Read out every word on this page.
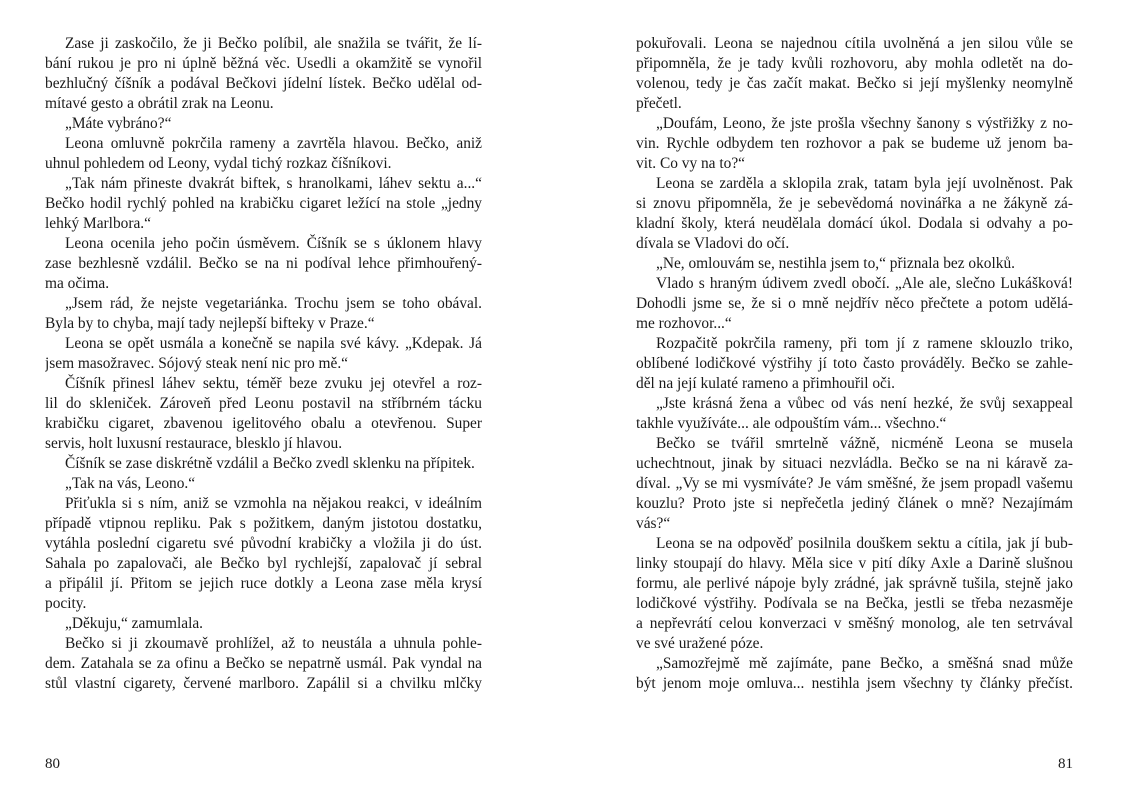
Zase ji zaskočilo, že ji Bečko políbil, ale snažila se tvářit, že lí-
bání rukou je pro ni úplně běžná věc. Usedli a okamžitě se vynořil
bezhlučný číšník a podával Bečkovi jídelní lístek. Bečko udělal od-
mítavé gesto a obrátil zrak na Leonu.
„Máte vybráno?“
Leona omluvně pokrčila rameny a zavrtěla hlavou. Bečko, aniž
uhnul pohledem od Leony, vydal tichý rozkaz číšníkovi.
„Tak nám přineste dvakrát biftek, s hranolkami, láhev sektu a...“
Bečko hodil rychlý pohled na krabičku cigaret ležící na stole „jedny
lehký Marlbora.“
Leona ocenila jeho počin úsměvem. Číšník se s úklonem hlavy
zase bezhlesně vzdálil. Bečko se na ni podíval lehce přimhouřený-
ma očima.
„Jsem rád, že nejste vegetariánka. Trochu jsem se toho obával.
Byla by to chyba, mají tady nejlepší bifteky v Praze.“
Leona se opět usmála a konečně se napila své kávy. „Kdepak. Já
jsem masožravec. Sójový steak není nic pro mě.“
Číšník přinesl láhev sektu, téměř beze zvuku jej otevřel a roz-
lil do skleniček. Zároveň před Leonu postavil na stříbrném tácku
krabičku cigaret, zbavenou igelitového obalu a otevřenou. Super
servis, holt luxusní restaurace, blesklo jí hlavou.
Číšník se zase diskrétně vzdálil a Bečko zvedl sklenku na přípitek.
„Tak na vás, Leono.“
Přiťukla si s ním, aniž se vzmohla na nějakou reakci, v ideálním
případě vtipnou repliku. Pak s požitkem, daným jistotou dostatku,
vytáhla poslední cigaretu své původní krabičky a vložila ji do úst.
Sahala po zapalovači, ale Bečko byl rychlejší, zapalovač jí sebral
a připálil jí. Přitom se jejich ruce dotkly a Leona zase měla krysí
pocity.
„Děkuju,“ zamumlala.
Bečko si ji zkoumavě prohlížel, až to neustála a uhnula pohle-
dem. Zatahala se za ofinu a Bečko se nepatrně usmál. Pak vyndal na
stůl vlastní cigarety, červené marlboro. Zapálil si a chvilku mlčky
pokuřovali. Leona se najednou cítila uvolněná a jen silou vůle se
připomněla, že je tady kvůli rozhovoru, aby mohla odletět na do-
volenou, tedy je čas začít makat. Bečko si její myšlenky neomylně
přečetl.
„Doufám, Leono, že jste prošla všechny šanony s výstřižky z no-
vin. Rychle odbydem ten rozhovor a pak se budeme už jenom ba-
vit. Co vy na to?“
Leona se zarděla a sklopila zrak, tatam byla její uvolněnost. Pak
si znovu připomněla, že je sebevědomá novinářka a ne žákyně zá-
kladní školy, která neudělala domácí úkol. Dodala si odvahy a po-
dívala se Vladovi do očí.
„Ne, omlouvám se, nestihla jsem to,“ přiznala bez okolků.
Vlado s hraným údivem zvedl obočí. „Ale ale, slečno Lukášková!
Dohodli jsme se, že si o mně nejdřív něco přečtete a potom udělá-
me rozhovor...“
Rozpačitě pokrčila rameny, při tom jí z ramene sklouzlo triko,
oblíbené lodičkové výstřihy jí toto často prováděly. Bečko se zahle-
děl na její kulaté rameno a přimhouřil oči.
„Jste krásná žena a vůbec od vás není hezké, že svůj sexappeal
takhle využíváte... ale odpouštím vám... všechno.“
Bečko se tvářil smrtelně vážně, nicméně Leona se musela
uchechtnout, jinak by situaci nezvládla. Bečko se na ni káravě za-
díval. „Vy se mi vysmíváte? Je vám směšné, že jsem propadl vašemu
kouzlu? Proto jste si nepřečetla jediný článek o mně? Nezajímám
vás?“
Leona se na odpověď posilnila douškem sektu a cítila, jak jí bub-
linky stoupají do hlavy. Měla sice v pití díky Axle a Darině slušnou
formu, ale perlivé nápoje byly zrádné, jak správně tušila, stejně jako
lodičkové výstřihy. Podívala se na Bečka, jestli se třeba nezasměje
a nepřevrátí celou konverzaci v směšný monolog, ale ten setrvával
ve své uražené póze.
„Samozřejmě mě zajímáte, pane Bečko, a směšná snad může
být jenom moje omluva... nestihla jsem všechny ty články přečíst.
80	81
